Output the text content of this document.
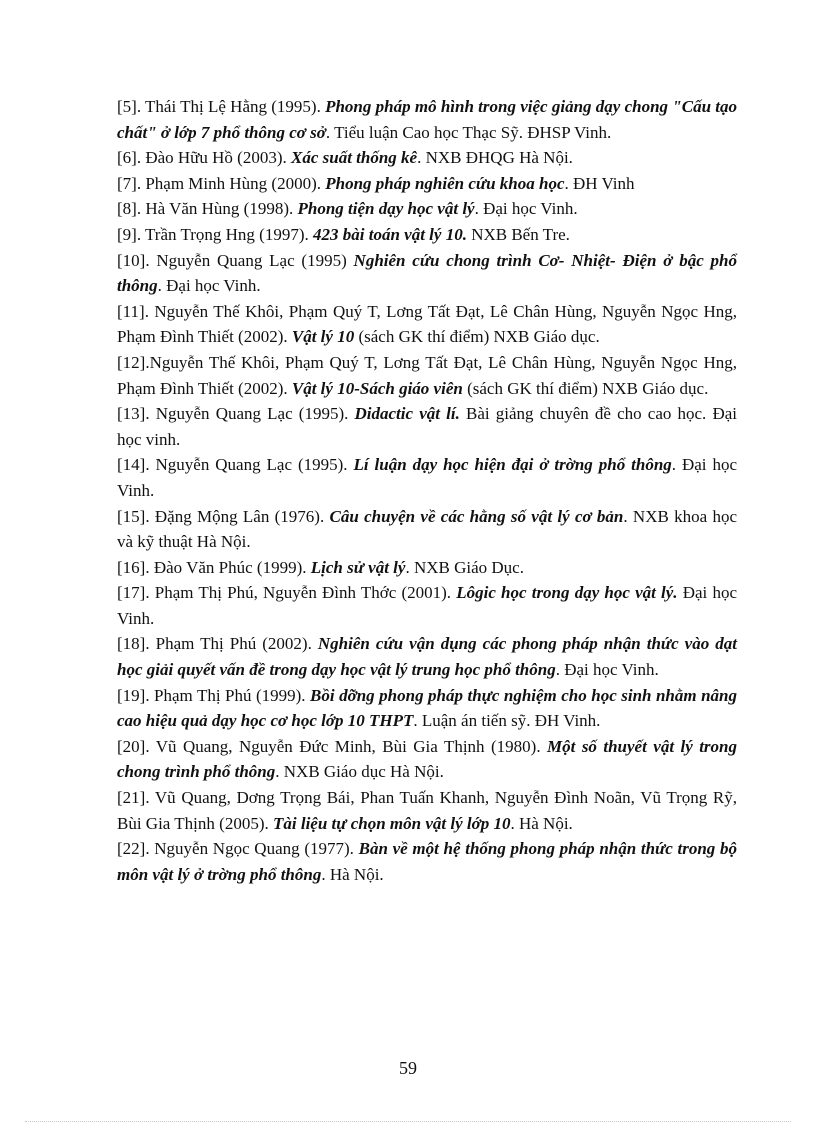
[5]. Thái Thị Lệ Hằng (1995). Phong pháp mô hình trong việc giảng dạy chong "Cấu tạo chất" ở lớp 7 phổ thông cơ sở. Tiểu luận Cao học Thạc Sỹ. ĐHSP Vinh.

[6]. Đào Hữu Hồ (2003). Xác suất thống kê. NXB ĐHQG Hà Nội.

[7]. Phạm Minh Hùng (2000). Phong pháp nghiên cứu khoa học. ĐH Vinh

[8]. Hà Văn Hùng (1998). Phong tiện dạy học vật lý. Đại học Vinh.

[9]. Trần Trọng Hng (1997). 423 bài toán vật lý 10. NXB Bến Tre.

[10]. Nguyễn Quang Lạc (1995) Nghiên cứu chong trình Cơ- Nhiệt- Điện ở bậc phổ thông. Đại học Vinh.

[11]. Nguyễn Thế Khôi, Phạm Quý T, Lơng Tất Đạt, Lê Chân Hùng, Nguyễn Ngọc Hng, Phạm Đình Thiết (2002). Vật lý 10 (sách GK thí điểm) NXB Giáo dục.

[12].Nguyễn Thế Khôi, Phạm Quý T, Lơng Tất Đạt, Lê Chân Hùng, Nguyễn Ngọc Hng, Phạm Đình Thiết (2002). Vật lý 10-Sách giáo viên (sách GK thí điểm) NXB Giáo dục.

[13]. Nguyễn Quang Lạc (1995). Didactic vật lí. Bài giảng chuyên đề cho cao học. Đại học vinh.

[14]. Nguyễn Quang Lạc (1995). Lí luận dạy học hiện đại ở trờng phổ thông. Đại học Vinh.

[15]. Đặng Mộng Lân (1976). Câu chuyện về các hằng số vật lý cơ bản. NXB khoa học và kỹ thuật Hà Nội.

[16]. Đào Văn Phúc (1999). Lịch sử vật lý. NXB Giáo Dục.

[17]. Phạm Thị Phú, Nguyễn Đình Thớc (2001). Lôgic học trong dạy học vật lý. Đại học Vinh.

[18]. Phạm Thị Phú (2002). Nghiên cứu vận dụng các phong pháp nhận thức vào dạt học giải quyết vấn đề trong dạy học vật lý trung học phổ thông. Đại học Vinh.

[19]. Phạm Thị Phú (1999). Bồi dỡng phong pháp thực nghiệm cho học sinh nhằm nâng cao hiệu quả dạy học cơ học lớp 10 THPT. Luận án tiến sỹ. ĐH Vinh.

[20]. Vũ Quang, Nguyễn Đức Minh, Bùi Gia Thịnh (1980). Một số thuyết vật lý trong chong trình phổ thông. NXB Giáo dục Hà Nội.

[21]. Vũ Quang, Dơng Trọng Bái, Phan Tuấn Khanh, Nguyễn Đình Noãn, Vũ Trọng Rỹ, Bùi Gia Thịnh (2005). Tài liệu tự chọn môn vật lý lớp 10. Hà Nội.

[22]. Nguyễn Ngọc Quang (1977). Bàn về một hệ thống phong pháp nhận thức trong bộ môn vật lý ở trờng phổ thông. Hà Nội.

59
